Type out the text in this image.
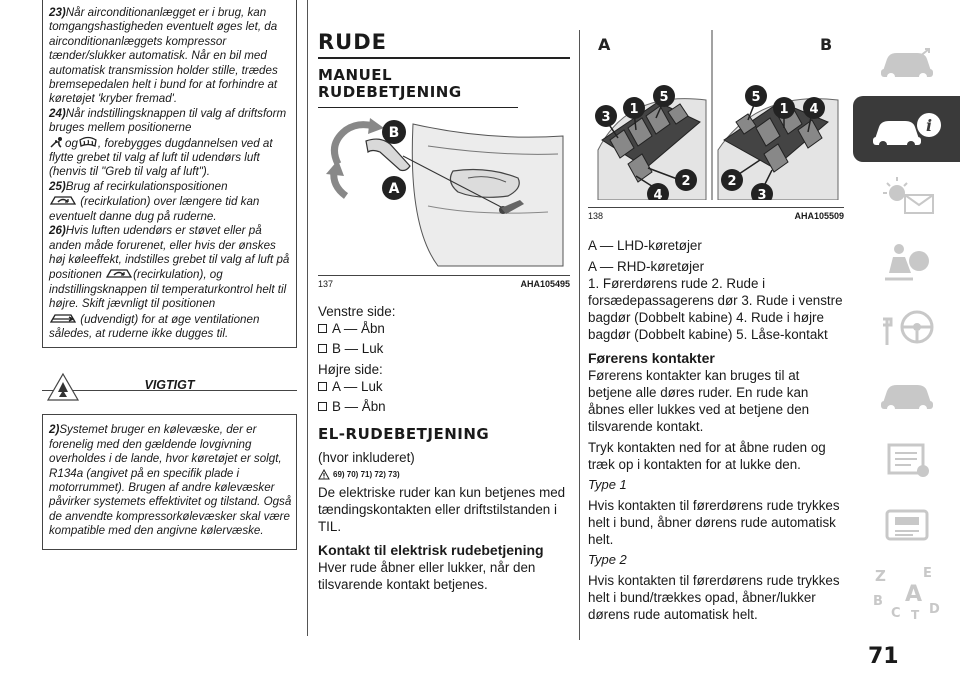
23)Når airconditionanlægget er i brug, kan tomgangshastigheden eventuelt øges let, da airconditionanlæggets kompressor tænder/slukker automatisk. Når en bil med automatisk transmission holder stille, trædes bremsepedalen helt i bund for at forhindre at køretøjet 'kryber fremad'.

24)Når indstillingsknappen til valg af driftsform bruges mellem positionerne
og , forebygges dugdannelsen ved at flytte grebet til valg af luft til udendørs luft (henvis til "Greb til valg af luft").

25)Brug af recirkulationspositionen
(recirkulation) over længere tid kan eventuelt danne dug på ruderne.

26)Hvis luften udendørs er støvet eller på anden måde forurenet, eller hvis der ønskes høj køleeffekt, indstilles grebet til valg af luft på positionen	(recirkulation), og indstillingsknappen til temperaturkontrol helt til højre. Skift jævnligt til positionen
(udvendigt) for at øge ventilationen således, at ruderne ikke dugges til.

VIGTIGT

2)Systemet bruger en kølevæske, der er forenelig med den gældende lovgivning overholdes i de lande, hvor køretøjet er solgt, R134a (angivet på en specifik plade i motorrummet). Brugen af andre kølevæsker påvirker systemets effektivitet og tilstand. Også de anvendte kompressorkølevæsker skal være kompatible med den angivne kølervæske.

RUDE
MANUEL RUDEBETJENING
B
A
137	AHA105495
Venstre side:
A — Åbn
B — Luk
Højre side:
A — Luk
B — Åbn
EL-RUDEBETJENING
(hvor inkluderet)
69) 70) 71) 72) 73)
De elektriske ruder kan kun betjenes med tændingskontakten eller driftstilstanden i TIL.
Kontakt til elektrisk rudebetjening
Hver rude åbner eller lukker, når den tilsvarende kontakt betjenes.
A	B
3
1
5
2
4
5
1 4
2
3
138	AHA105509
A — LHD-køretøjer
A — RHD-køretøjer
1. Førerdørens rude 2. Rude i forsædepassagerens dør 3. Rude i venstre bagdør (Dobbelt kabine) 4. Rude i højre bagdør (Dobbelt kabine) 5. Låse-kontakt
Førerens kontakter
Førerens kontakter kan bruges til at betjene alle døres ruder. En rude kan åbnes eller lukkes ved at betjene den tilsvarende kontakt.
Tryk kontakten ned for at åbne ruden og træk op i kontakten for at lukke den.
Type 1
Hvis kontakten til førerdørens rude trykkes helt i bund, åbner dørens rude automatisk helt.
Type 2
Hvis kontakten til førerdørens rude trykkes helt i bund/trækkes opad, åbner/lukker dørens rude automatisk helt.
i
Z	E
B A
C T D
71
